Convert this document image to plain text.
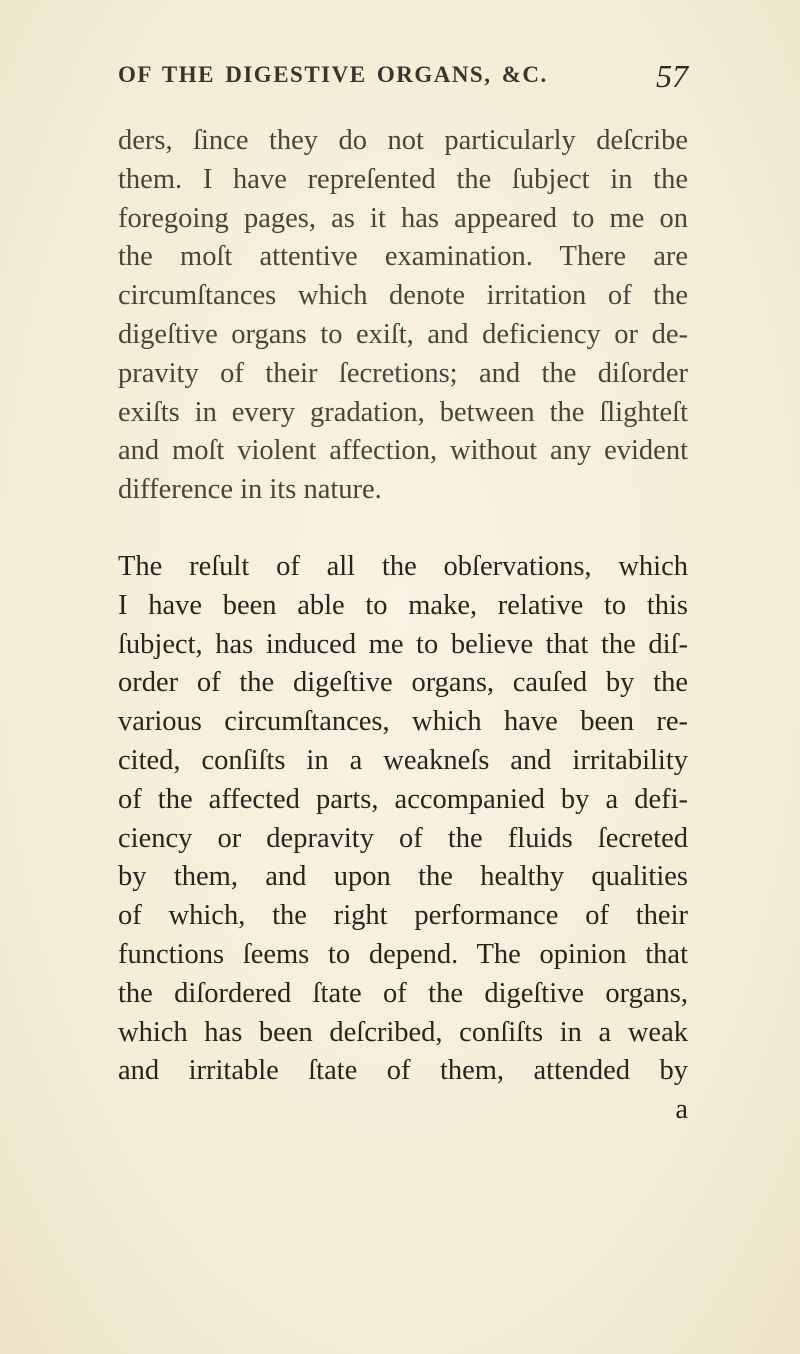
OF THE DIGESTIVE ORGANS, &C.	57
ders, ſince they do not particularly deſcribe
them. I have repreſented the ſubject in the
foregoing pages, as it has appeared to me on
the moſt attentive examination. There are
circumſtances which denote irritation of the
digeſtive organs to exiſt, and deficiency or de-
pravity of their ſecretions; and the diſorder
exiſts in every gradation, between the ſlighteſt
and moſt violent affection, without any evident
difference in its nature.
The reſult of all the obſervations, which
I have been able to make, relative to this
ſubject, has induced me to believe that the diſ-
order of the digeſtive organs, cauſed by the
various circumſtances, which have been re-
cited, conſiſts in a weakneſs and irritability
of the affected parts, accompanied by a defi-
ciency or depravity of the fluids ſecreted
by them, and upon the healthy qualities
of which, the right performance of their
functions ſeems to depend. The opinion that
the diſordered ſtate of the digeſtive organs,
which has been deſcribed, conſiſts in a weak
and irritable ſtate of them, attended by
a
